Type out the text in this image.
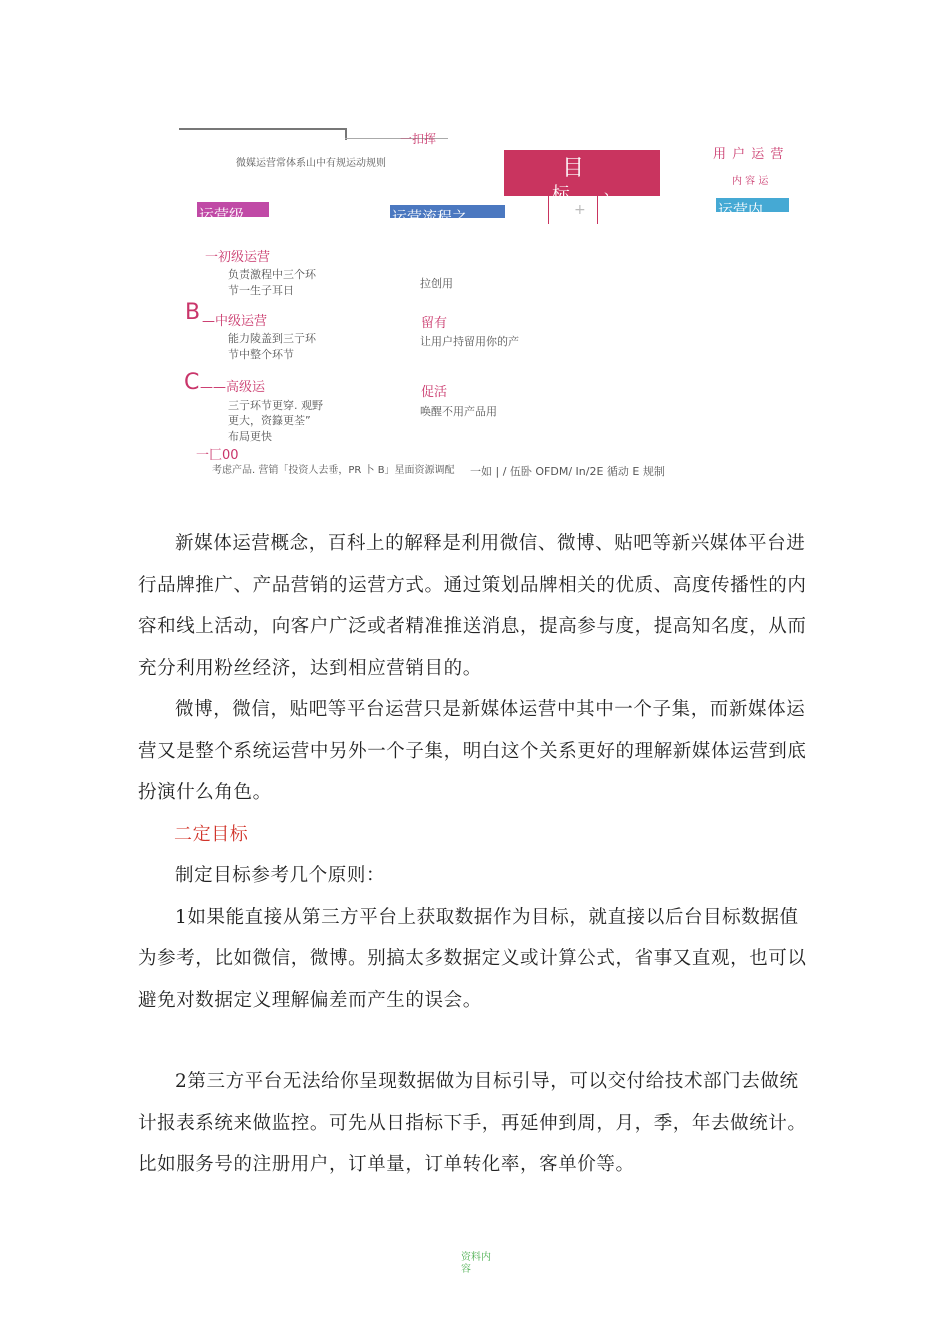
一扣挥
微媒运营常体系山中有规运动规则	目
标 、
+
用 户 运 营
内 容 运
运营级	运营流程之	运营内
一初级运营
负责激程中三个环
节一生子耳日
B —中级运营
能力陵盖到三亍环
节中整个环节
C ——高级运
三亍环节更穿. 观野
更大，资籙更荃”
布局更快
拉创用
留有
让用户持留用你的产
促活
唤醒不用产品用
一匚00
考虑产品. 营销「投资人去垂，PR 卜 B」星面资源调配 一如 | / 伍卧 OFDM/ In/2E 循动 E 规制

新媒体运营概念，百科上的解释是利用微信、微博、贴吧等新兴媒体平台进行品牌推广、产品营销的运营方式。通过策划品牌相关的优质、高度传播性的内容和线上活动，向客户广泛或者精准推送消息，提高参与度，提高知名度，从而充分利用粉丝经济，达到相应营销目的。

微博，微信，贴吧等平台运营只是新媒体运营中其中一个子集，而新媒体运营又是整个系统运营中另外一个子集，明白这个关系更好的理解新媒体运营到底扮演什么角色。

二定目标

制定目标参考几个原则：

1如果能直接从第三方平台上获取数据作为目标，就直接以后台目标数据值为参考，比如微信，微博。别搞太多数据定义或计算公式，省事又直观，也可以避免对数据定义理解偏差而产生的误会。

2第三方平台无法给你呈现数据做为目标引导，可以交付给技术部门去做统计报表系统来做监控。可先从日指标下手，再延伸到周，月，季，年去做统计。比如服务号的注册用户，订单量，订单转化率，客单价等。

资料内容
